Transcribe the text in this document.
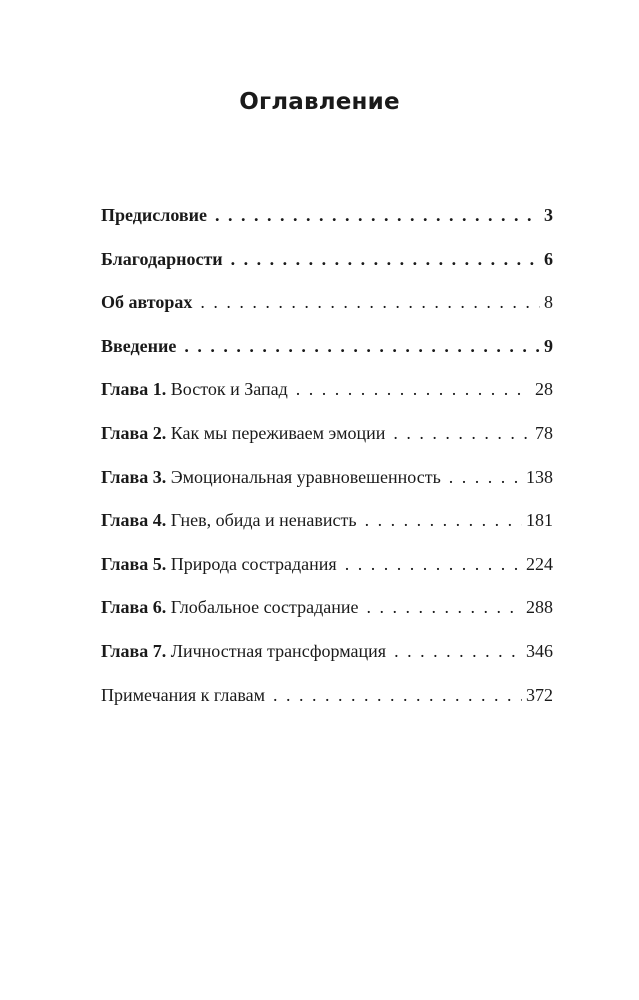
Оглавление
Предисловие . . .	3
Благодарности . . .	6
Об авторах . . .	8
Введение . . .	9
Глава 1. Восток и Запад . . .	28
Глава 2. Как мы переживаем эмоции . . .	78
Глава 3. Эмоциональная уравновешенность . . .	138
Глава 4. Гнев, обида и ненависть . . .	181
Глава 5. Природа сострадания . . .	224
Глава 6. Глобальное сострадание . . .	288
Глава 7. Личностная трансформация . . .	346
Примечания к главам . . .	372
